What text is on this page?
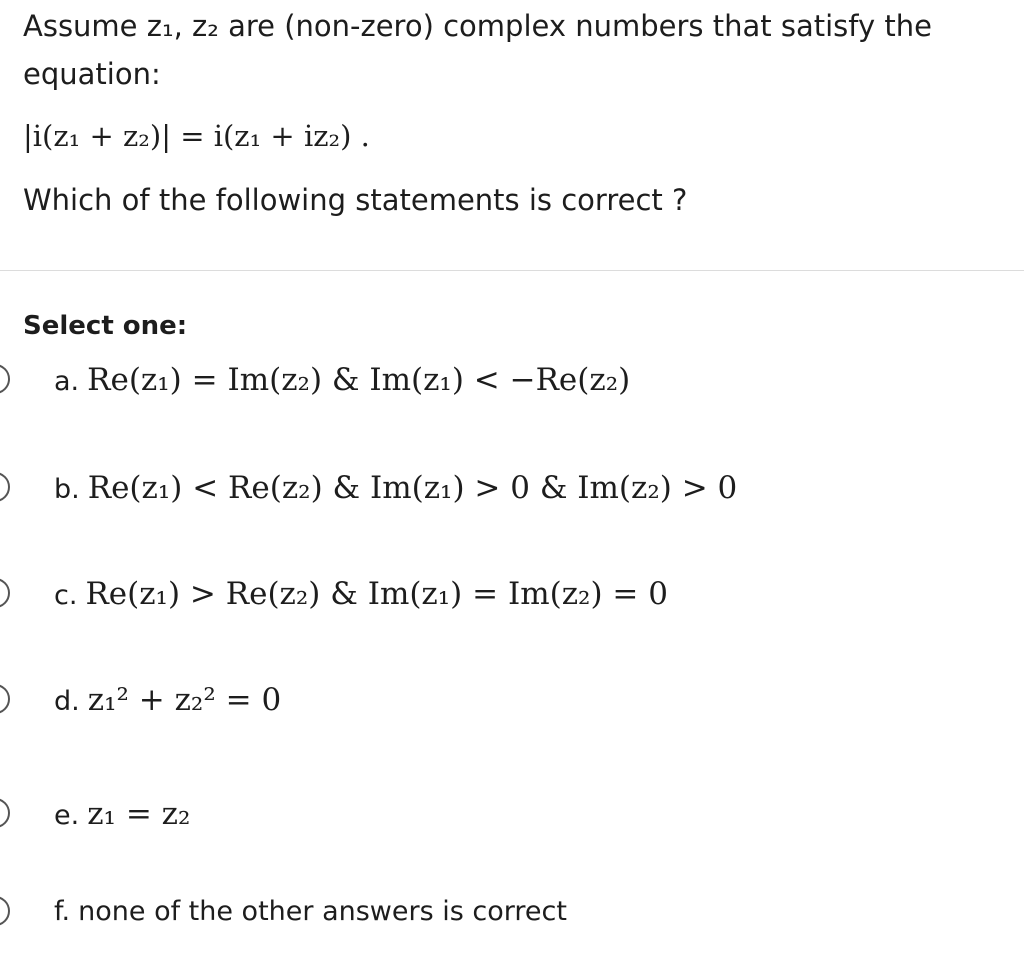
Assume z₁, z₂ are (non-zero) complex numbers that satisfy the
equation:
|i(z₁ + z₂)| = i(z₁ + iz₂) .
Which of the following statements is correct ?
Select one:
a. Re(z₁) = Im(z₂) & Im(z₁) < −Re(z₂)
b. Re(z₁) < Re(z₂) & Im(z₁) > 0 & Im(z₂) > 0
c. Re(z₁) > Re(z₂) & Im(z₁) = Im(z₂) = 0
d. z₁² + z₂² = 0
e. z₁ = z₂
f. none of the other answers is correct
